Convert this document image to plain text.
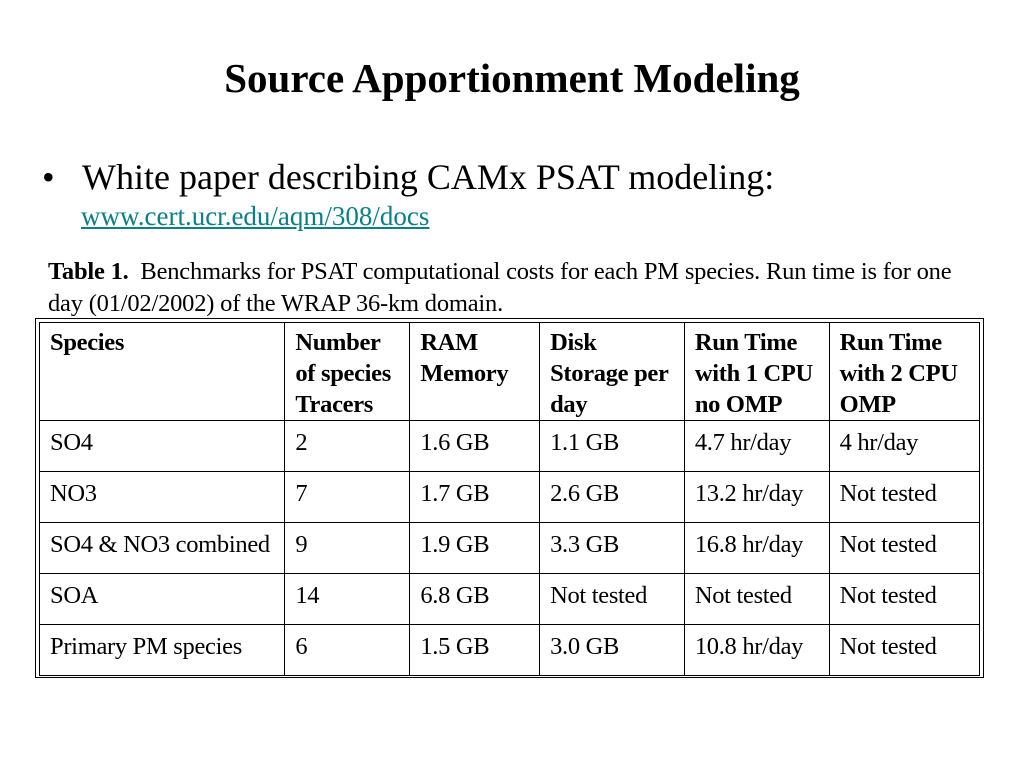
Source Apportionment Modeling
• White paper describing CAMx PSAT modeling:
www.cert.ucr.edu/aqm/308/docs
Table 1. Benchmarks for PSAT computational costs for each PM species. Run time is for one day (01/02/2002) of the WRAP 36-km domain.
Species	Number of species Tracers	RAM Memory	Disk Storage per day	Run Time with 1 CPU no OMP	Run Time with 2 CPU OMP
SO4	2	1.6 GB	1.1 GB	4.7 hr/day	4 hr/day
NO3	7	1.7 GB	2.6 GB	13.2 hr/day	Not tested
SO4 & NO3 combined	9	1.9 GB	3.3 GB	16.8 hr/day	Not tested
SOA	14	6.8 GB	Not tested	Not tested	Not tested
Primary PM species	6	1.5 GB	3.0 GB	10.8 hr/day	Not tested
